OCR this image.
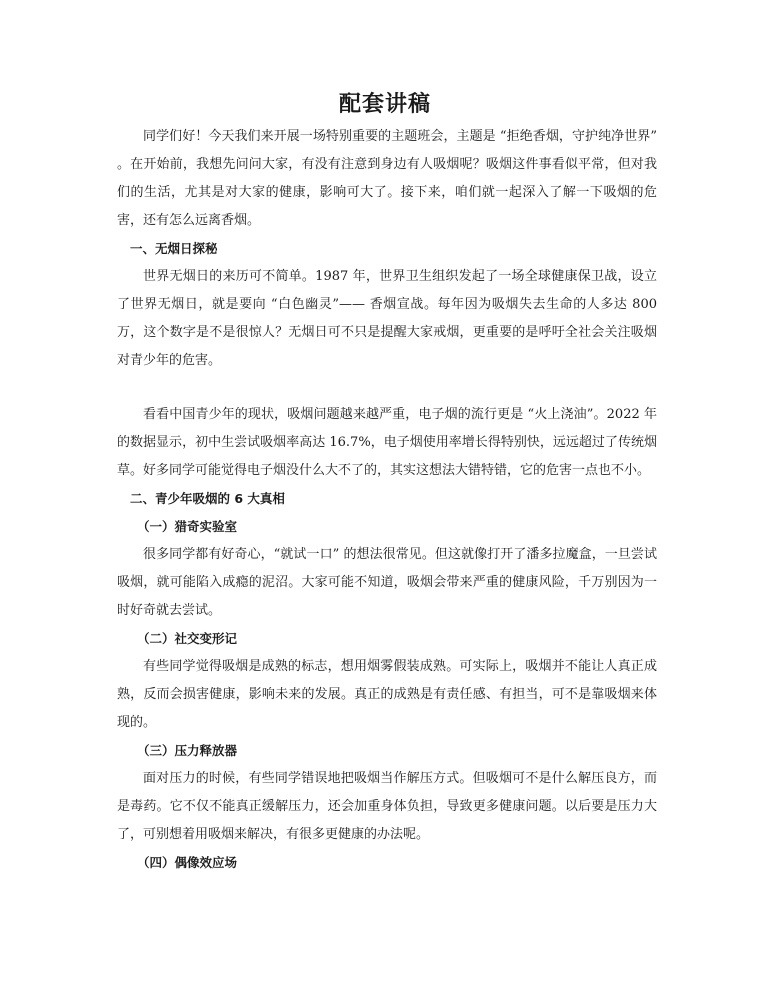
配套讲稿

同学们好！今天我们来开展一场特别重要的主题班会，主题是 “拒绝香烟，守护纯净世界” 。在开始前，我想先问问大家，有没有注意到身边有人吸烟呢？吸烟这件事看似平常，但对我们的生活，尤其是对大家的健康，影响可大了。接下来，咱们就一起深入了解一下吸烟的危害，还有怎么远离香烟。

一、无烟日探秘

世界无烟日的来历可不简单。1987 年，世界卫生组织发起了一场全球健康保卫战，设立了世界无烟日，就是要向 “白色幽灵”—— 香烟宣战。每年因为吸烟失去生命的人多达 800 万，这个数字是不是很惊人？无烟日可不只是提醒大家戒烟，更重要的是呼吁全社会关注吸烟对青少年的危害。

看看中国青少年的现状，吸烟问题越来越严重，电子烟的流行更是 “火上浇油”。2022 年的数据显示，初中生尝试吸烟率高达 16.7%，电子烟使用率增长得特别快，远远超过了传统烟草。好多同学可能觉得电子烟没什么大不了的，其实这想法大错特错，它的危害一点也不小。

二、青少年吸烟的 6 大真相

（一）猎奇实验室

很多同学都有好奇心，“就试一口” 的想法很常见。但这就像打开了潘多拉魔盒，一旦尝试吸烟，就可能陷入成瘾的泥沼。大家可能不知道，吸烟会带来严重的健康风险，千万别因为一时好奇就去尝试。

（二）社交变形记

有些同学觉得吸烟是成熟的标志，想用烟雾假装成熟。可实际上，吸烟并不能让人真正成熟，反而会损害健康，影响未来的发展。真正的成熟是有责任感、有担当，可不是靠吸烟来体现的。

（三）压力释放器

面对压力的时候，有些同学错误地把吸烟当作解压方式。但吸烟可不是什么解压良方，而是毒药。它不仅不能真正缓解压力，还会加重身体负担，导致更多健康问题。以后要是压力大了，可别想着用吸烟来解决，有很多更健康的办法呢。

（四）偶像效应场
